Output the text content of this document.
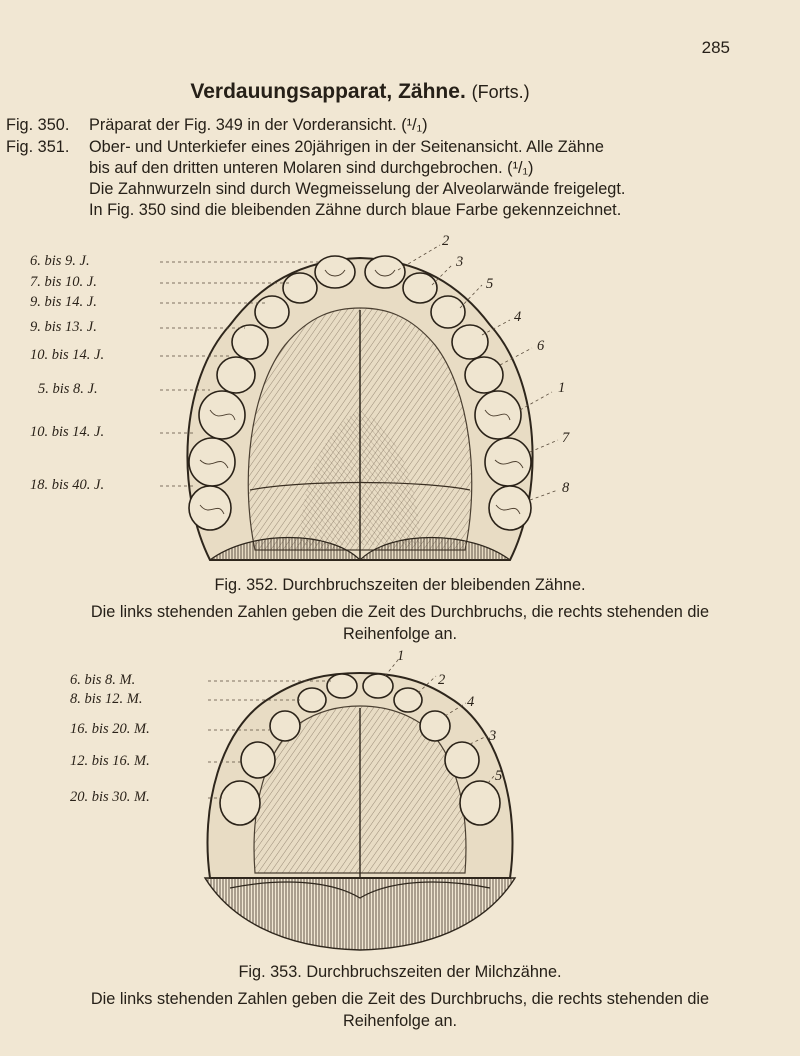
285
Verdauungsapparat, Zähne. (Forts.)
Fig. 350. Präparat der Fig. 349 in der Vorderansicht. (¹/₁)
Fig. 351. Ober- und Unterkiefer eines 20jährigen in der Seitenansicht. Alle Zähne
bis auf den dritten unteren Molaren sind durchgebrochen. (¹/₁)
Die Zahnwurzeln sind durch Wegmeisselung der Alveolarwände freigelegt.
In Fig. 350 sind die bleibenden Zähne durch blaue Farbe gekennzeichnet.
6. bis 9. J.
7. bis 10. J.
9. bis 14. J.
9. bis 13. J.
10. bis 14. J.
5. bis 8. J.
10. bis 14. J.
18. bis 40. J.
2
3
5
4
6
1
7
8
Fig. 352. Durchbruchszeiten der bleibenden Zähne.
Die links stehenden Zahlen geben die Zeit des Durchbruchs, die rechts stehenden die
Reihenfolge an.
6. bis 8. M.
8. bis 12. M.
16. bis 20. M.
12. bis 16. M.
20. bis 30. M.
1
2
4
3
5
Fig. 353. Durchbruchszeiten der Milchzähne.
Die links stehenden Zahlen geben die Zeit des Durchbruchs, die rechts stehenden die
Reihenfolge an.
